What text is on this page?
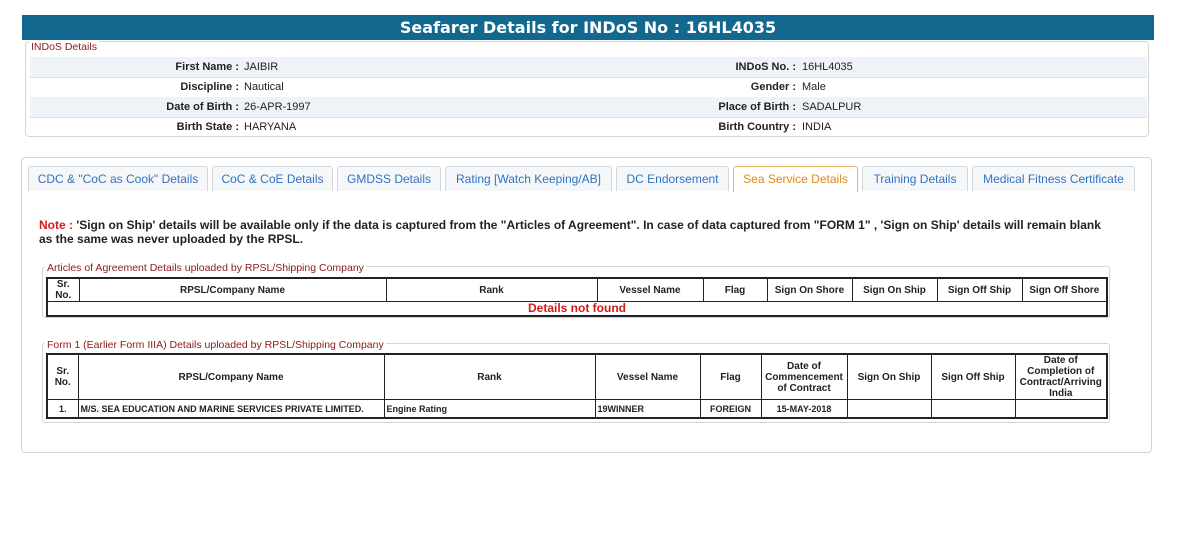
Seafarer Details for INDoS No : 16HL4035
INDoS Details
First Name : JAIBIR	INDoS No. : 16HL4035
Discipline : Nautical	Gender : Male
Date of Birth : 26-APR-1997	Place of Birth : SADALPUR
Birth State : HARYANA	Birth Country : INDIA
CDC & "CoC as Cook" Details	CoC & CoE Details	GMDSS Details	Rating [Watch Keeping/AB]	DC Endorsement	Sea Service Details	Training Details	Medical Fitness Certificate
Note : 'Sign on Ship' details will be available only if the data is captured from the "Articles of Agreement". In case of data captured from "FORM 1" , 'Sign on Ship' details will remain blank as the same was never uploaded by the RPSL.
Articles of Agreement Details uploaded by RPSL/Shipping Company
Sr. No.	RPSL/Company Name	Rank	Vessel Name	Flag	Sign On Shore	Sign On Ship	Sign Off Ship	Sign Off Shore
Details not found
Form 1 (Earlier Form IIIA) Details uploaded by RPSL/Shipping Company
Sr. No.	RPSL/Company Name	Rank	Vessel Name	Flag	Date of Commencement of Contract	Sign On Ship	Sign Off Ship	Date of Completion of Contract/Arriving India
1.	M/S. SEA EDUCATION AND MARINE SERVICES PRIVATE LIMITED.	Engine Rating	19WINNER	FOREIGN	15-MAY-2018			
